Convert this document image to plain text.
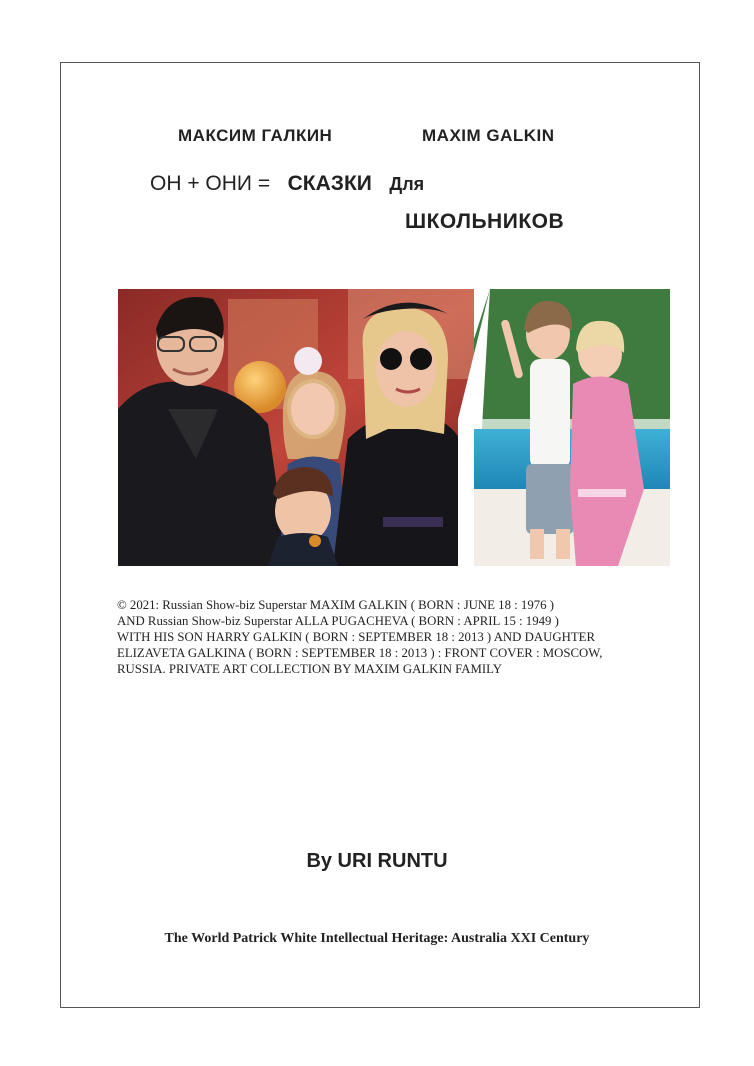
МАКСИМ ГАЛКИН	MAXIM GALKIN
ОН + ОНИ = СКАЗКИ Для
ШКОЛЬНИКОВ
© 2021: Russian Show-biz Superstar MAXIM GALKIN ( BORN : JUNE 18 : 1976 )
AND Russian Show-biz Superstar ALLA PUGACHEVA ( BORN : APRIL 15 : 1949 )
WITH HIS SON HARRY GALKIN ( BORN : SEPTEMBER 18 : 2013 ) AND DAUGHTER
ELIZAVETA GALKINA ( BORN : SEPTEMBER 18 : 2013 ) : FRONT COVER : MOSCOW,
RUSSIA. PRIVATE ART COLLECTION BY MAXIM GALKIN FAMILY
By URI RUNTU
The World Patrick White Intellectual Heritage: Australia XXI Century
